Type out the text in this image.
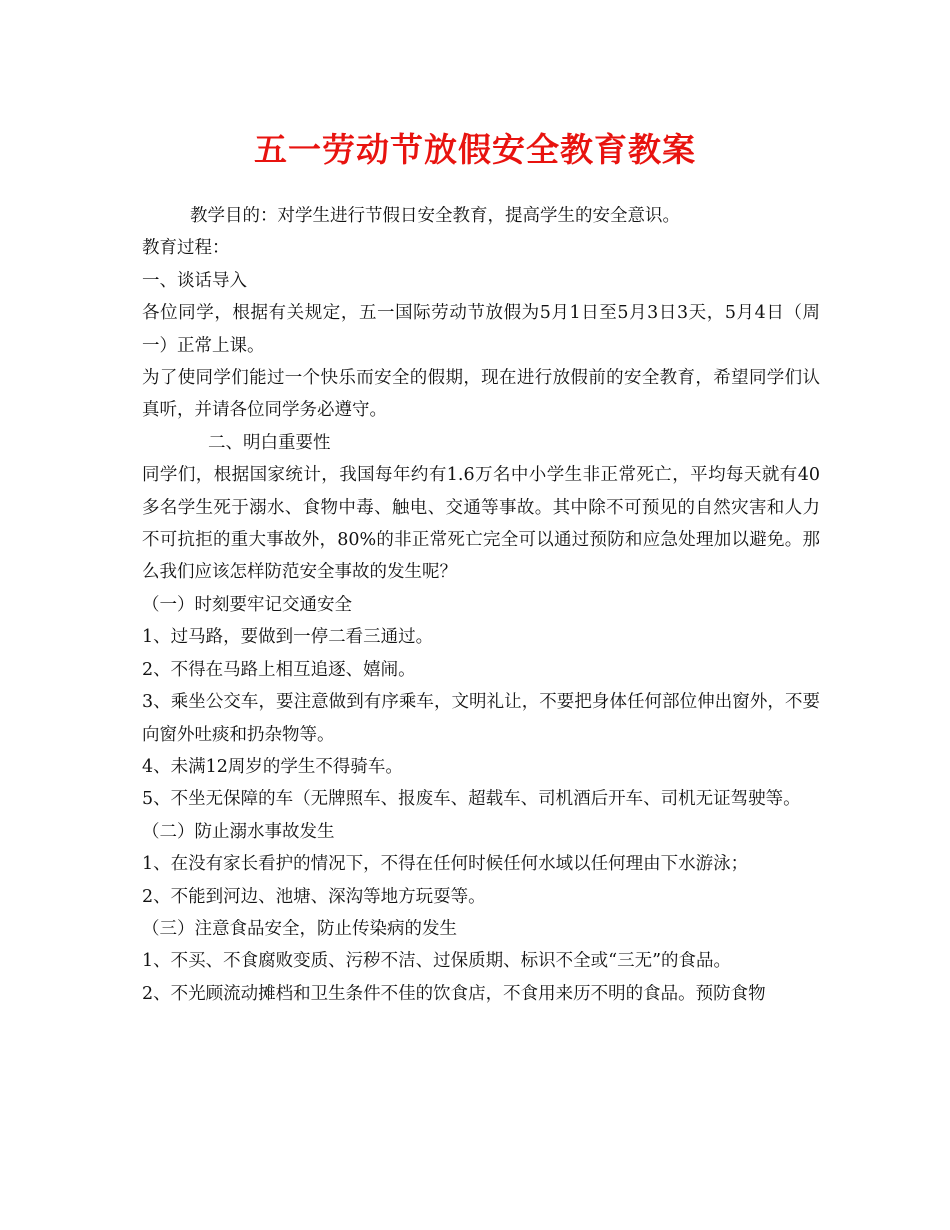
五一劳动节放假安全教育教案

教学目的：对学生进行节假日安全教育，提高学生的安全意识。

教育过程：

一、谈话导入

各位同学，根据有关规定，五一国际劳动节放假为5月1日至5月3日3天，5月4日（周一）正常上课。

为了使同学们能过一个快乐而安全的假期，现在进行放假前的安全教育，希望同学们认真听，并请各位同学务必遵守。

二、明白重要性

同学们，根据国家统计，我国每年约有1.6万名中小学生非正常死亡，平均每天就有40多名学生死于溺水、食物中毒、触电、交通等事故。其中除不可预见的自然灾害和人力不可抗拒的重大事故外，80%的非正常死亡完全可以通过预防和应急处理加以避免。那么我们应该怎样防范安全事故的发生呢？

（一）时刻要牢记交通安全

1、过马路，要做到一停二看三通过。

2、不得在马路上相互追逐、嬉闹。

3、乘坐公交车，要注意做到有序乘车，文明礼让，不要把身体任何部位伸出窗外，不要向窗外吐痰和扔杂物等。

4、未满12周岁的学生不得骑车。

5、不坐无保障的车（无牌照车、报废车、超载车、司机酒后开车、司机无证驾驶等。

（二）防止溺水事故发生

1、在没有家长看护的情况下，不得在任何时候任何水域以任何理由下水游泳；

2、不能到河边、池塘、深沟等地方玩耍等。

（三）注意食品安全，防止传染病的发生

1、不买、不食腐败变质、污秽不洁、过保质期、标识不全或“三无”的食品。

2、不光顾流动摊档和卫生条件不佳的饮食店，不食用来历不明的食品。预防食物
